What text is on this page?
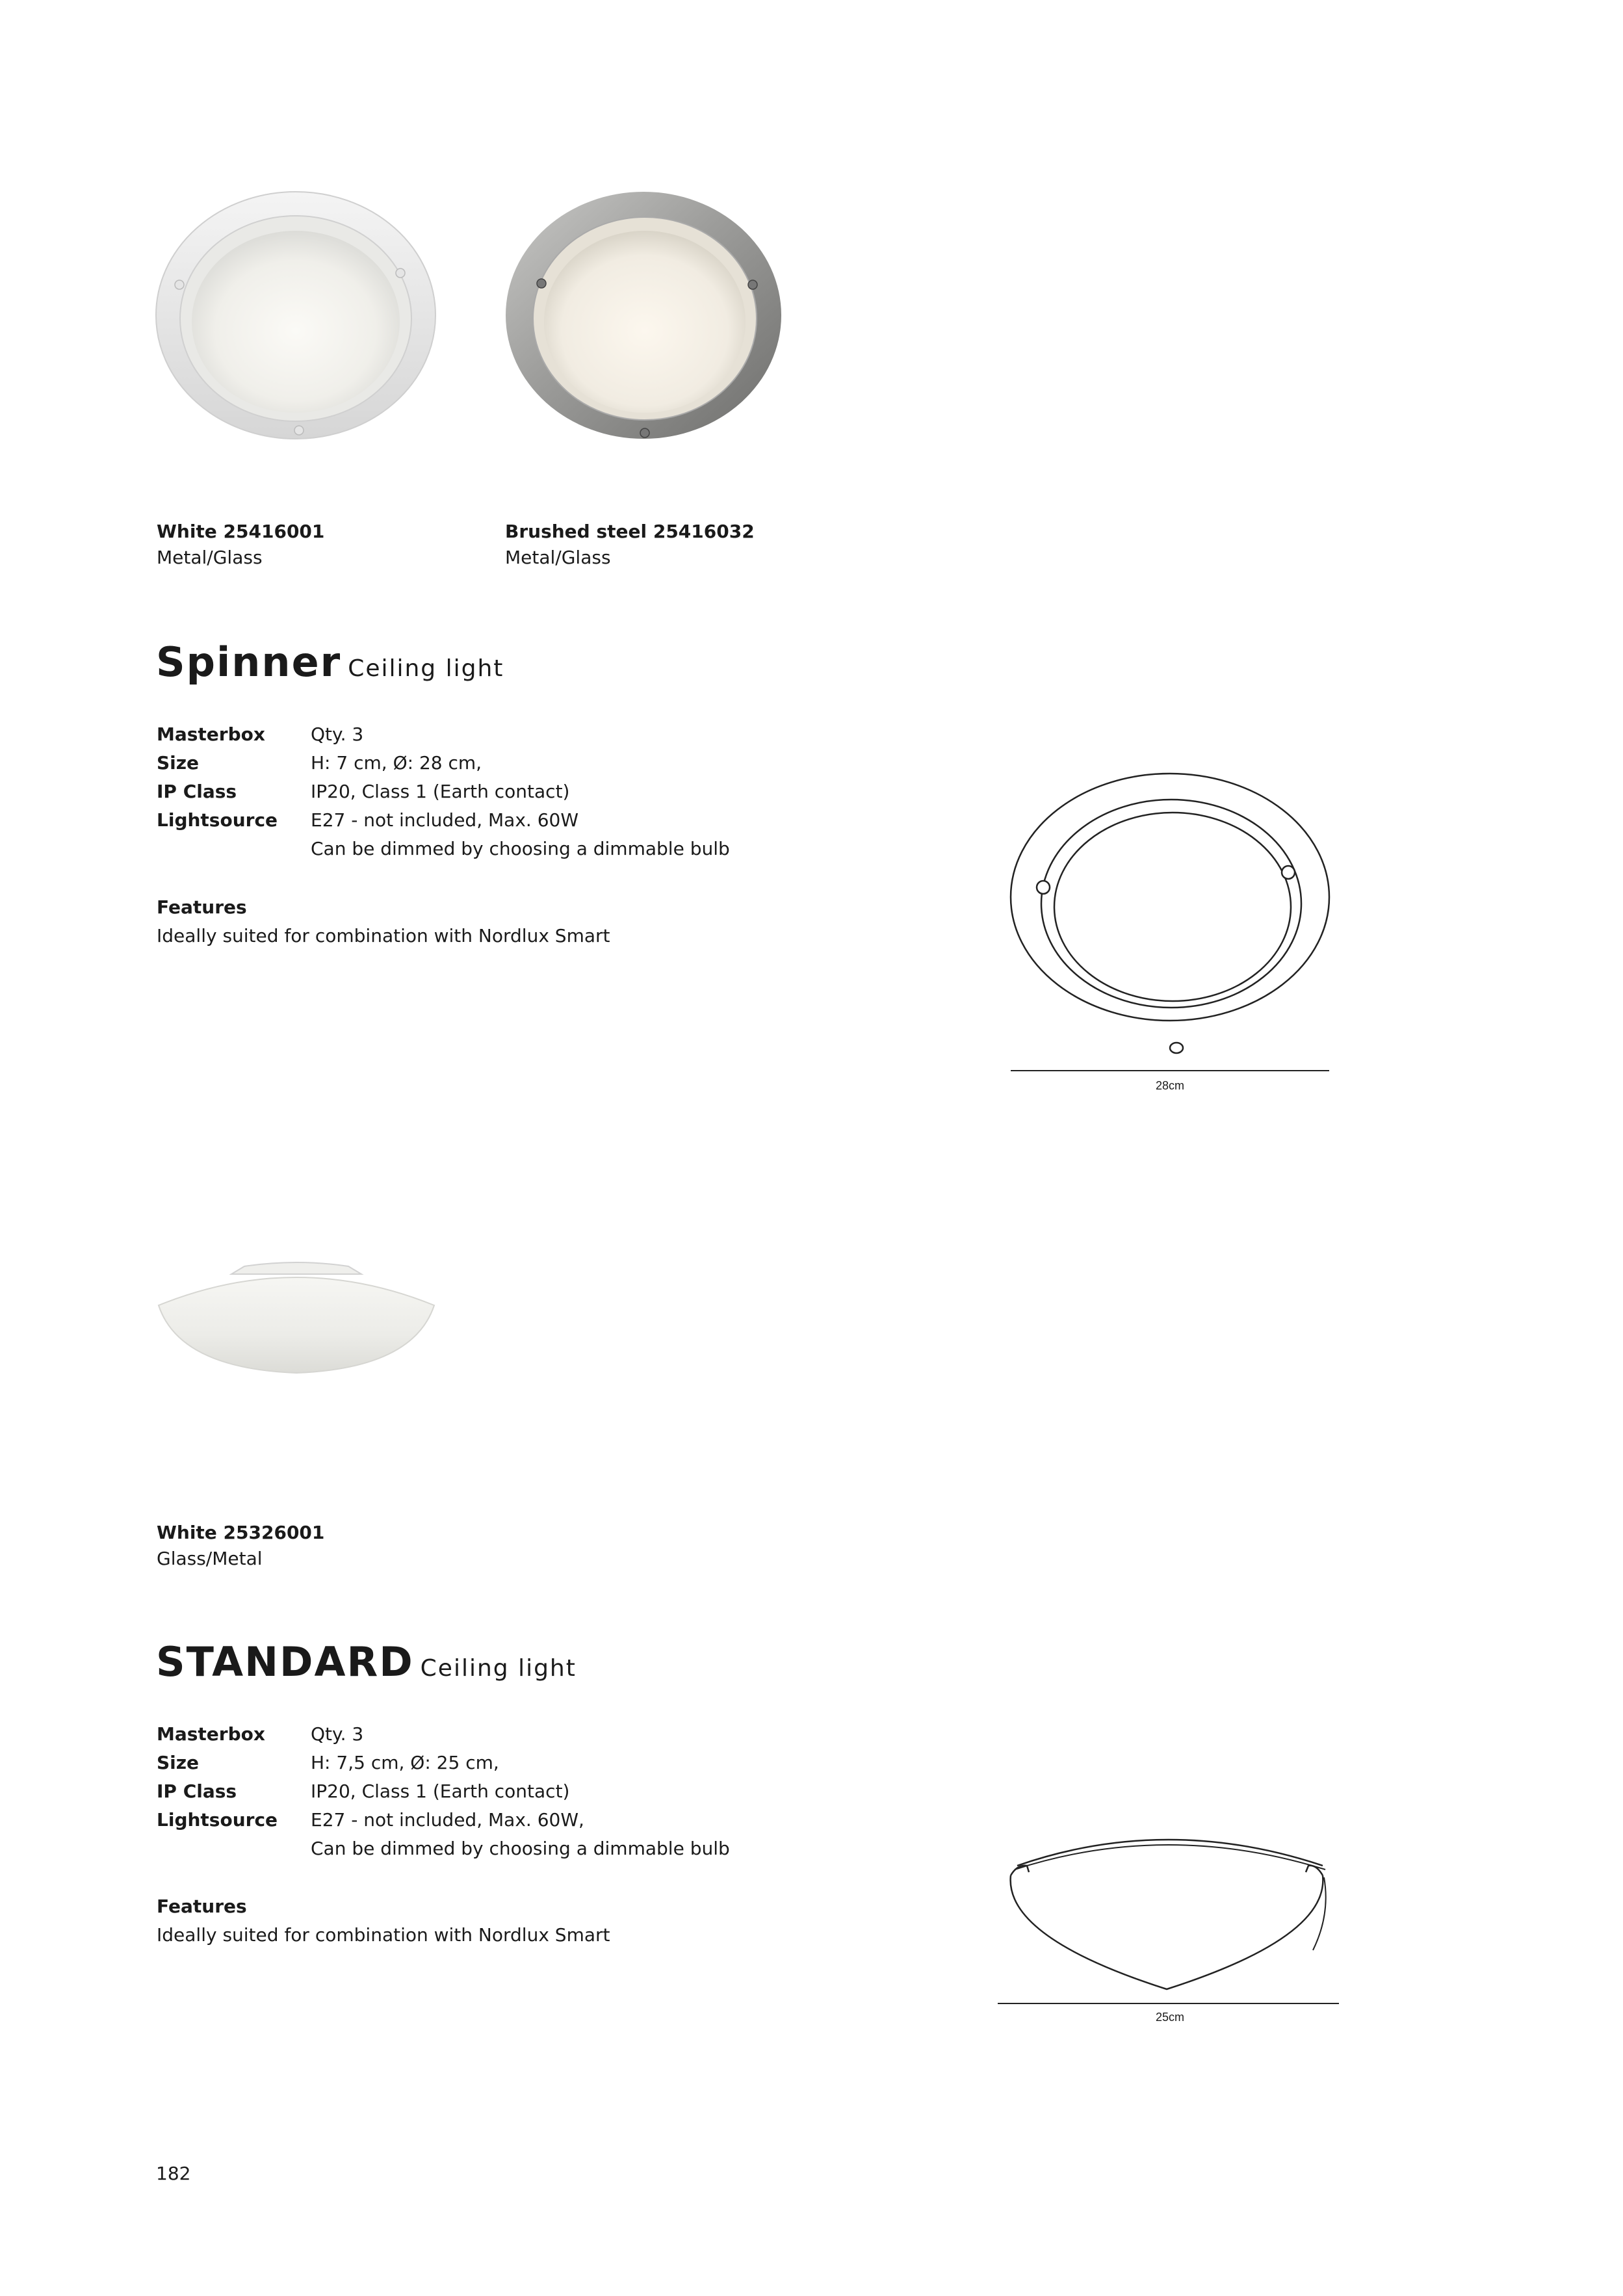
White 25416001
Metal/Glass
Brushed steel 25416032
Metal/Glass
Spinner Ceiling light
Masterbox	Qty. 3
Size	H: 7 cm, Ø: 28 cm,
IP Class	IP20, Class 1 (Earth contact)
Lightsource	E27 - not included, Max. 60W
Can be dimmed by choosing a dimmable bulb
Features
Ideally suited for combination with Nordlux Smart
28cm
White 25326001
Glass/Metal
STANDARD Ceiling light
Masterbox	Qty. 3
Size	H: 7,5 cm, Ø: 25 cm,
IP Class	IP20, Class 1 (Earth contact)
Lightsource	E27 - not included, Max. 60W,
Can be dimmed by choosing a dimmable bulb
Features
Ideally suited for combination with Nordlux Smart
25cm
182
